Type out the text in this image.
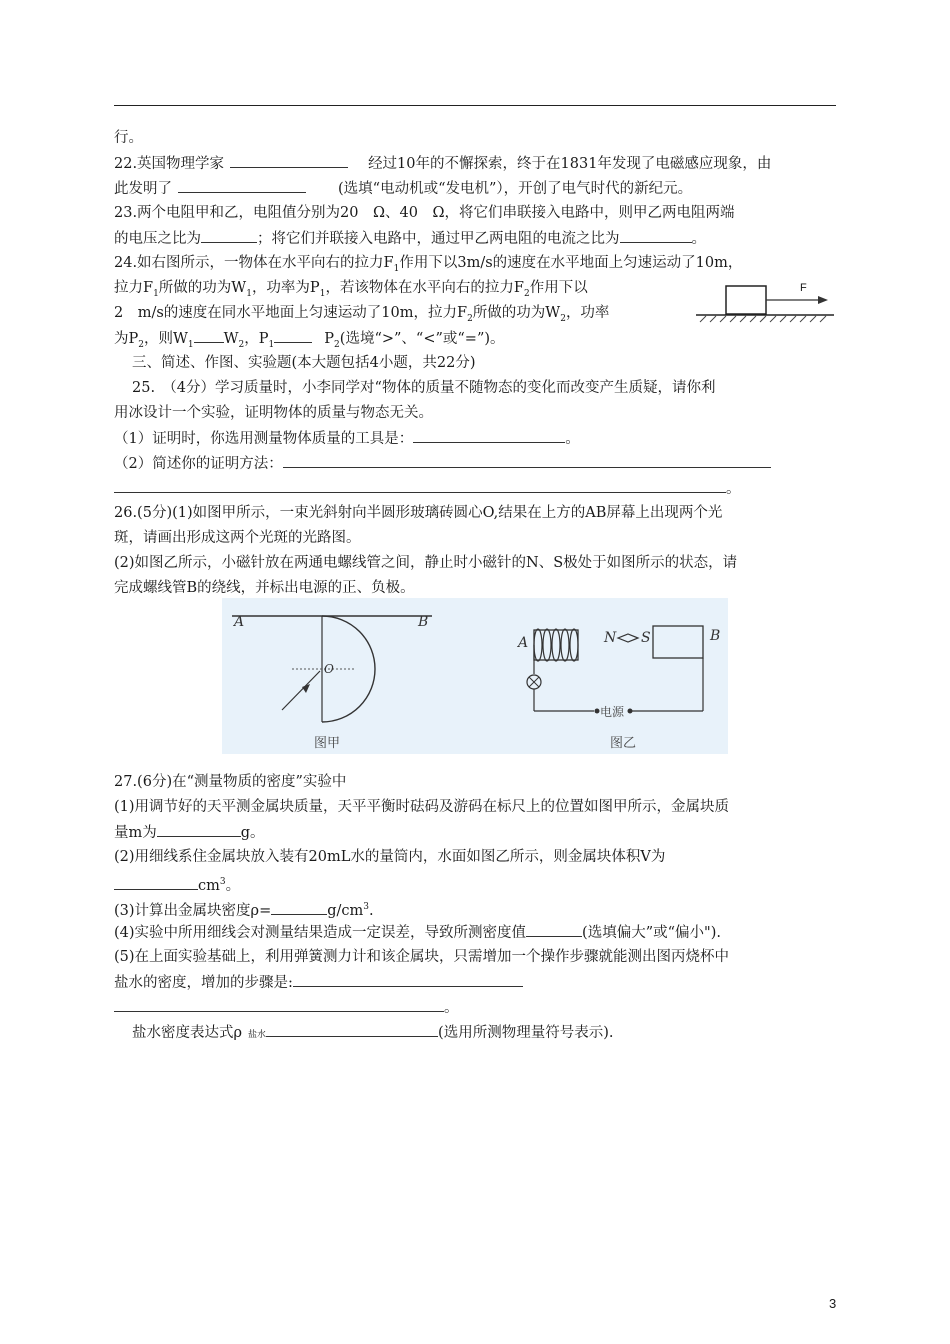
行。
22.英国物理学家	经过10年的不懈探索，终于在1831年发现了电磁感应现象，由
此发明了	(选填“电动机或“发电机”），开创了电气时代的新纪元。
23.两个电阻甲和乙，电阻值分别为20　Ω、40　Ω，将它们串联接入电路中，则甲乙两电阻两端
的电压之比为	；将它们并联接入电路中，通过甲乙两电阻的电流之比为	。
24.如右图所示，一物体在水平向右的拉力$F_1$作用下以3m/s的速度在水平地面上匀速运动了10m，
拉力$F_1$所做的功为$W_1$，功率为$P_1$，若该物体在水平向右的拉力$F_2$作用下以
2　m/s的速度在同水平地面上匀速运动了10m，拉力$F_2$所做的功为$W_2$，功率
为$P_2$，则$W_1$ $W_2$，$P_1$	$P_2$(选境“>”、“<”或“=”)。
F
三、简述、作图、实验题(本大题包括4小题，共22分)
25.　（4分）学习质量时，小李同学对“物体的质量不随物态的变化而改变产生质疑，请你利
用冰设计一个实验，证明物体的质量与物态无关。
（1）证明时，你选用测量物体质量的工具是：	。
（2）简述你的证明方法：
。
26.(5分)(1)如图甲所示，一束光斜射向半圆形玻璃砖圆心O,结果在上方的AB屏幕上出现两个光
斑，请画出形成这两个光斑的光路图。
(2)如图乙所示，小磁针放在两通电螺线管之间，静止时小磁针的N、S极处于如图所示的状态，请
完成螺线管B的绕线，并标出电源的正、负极。
A	B
O
图甲
A	N S	B
电源
图乙
27.(6分)在“测量物质的密度”实验中
(1)用调节好的天平测金属块质量，天平平衡时砝码及游码在标尺上的位置如图甲所示，金属块质
量m为	g。
(2)用细线系住金属块放入装有20mL水的量筒内，水面如图乙所示，则金属块体积V为
$cm^3$。
(3)计算出金属块密度ρ=	$g/cm^3$.
(4)实验中所用细线会对测量结果造成一定误差，导致所测密度值	(选填偏大”或“偏小").
(5)在上面实验基础上，利用弹簧测力计和该企属块，只需增加一个操作步骤就能测出图丙烧杯中
盐水的密度，增加的步骤是:
。
盐水密度表达式ρ 盐水	(选用所测物理量符号表示).
3
